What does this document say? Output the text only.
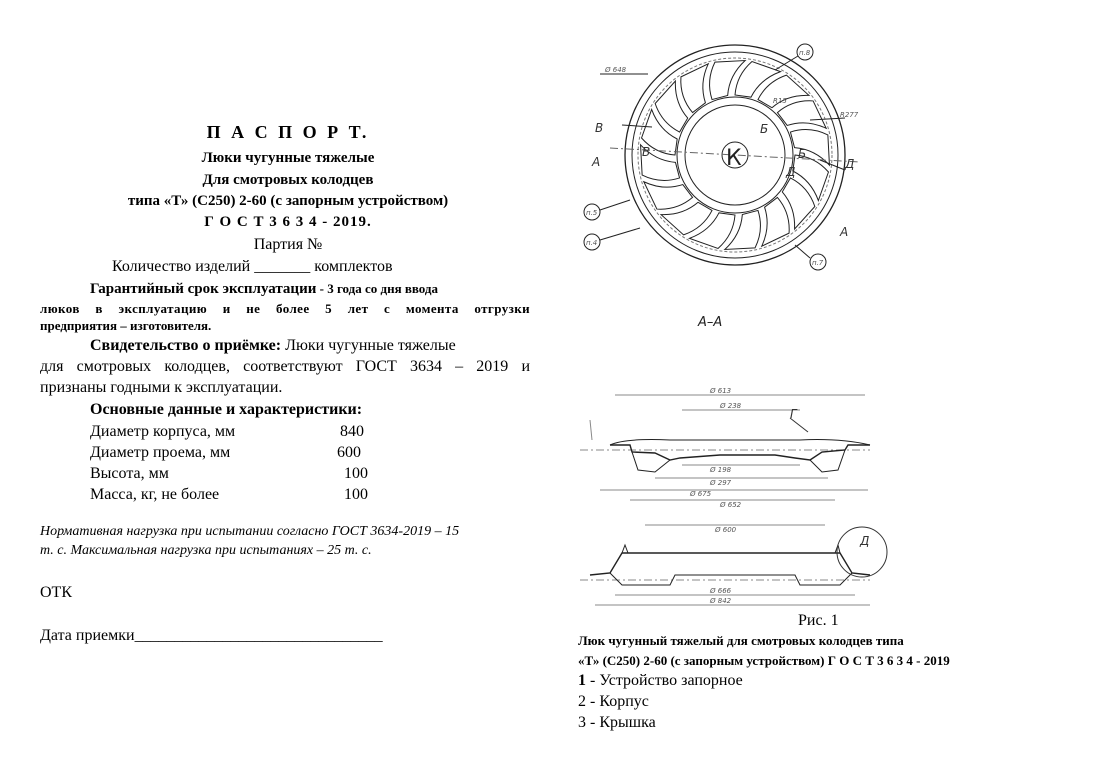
П А С П О Р Т.
Люки чугунные тяжелые
Для смотровых колодцев
типа «Т» (С250) 2-60 (с запорным устройством)
Г О С Т 3 6 3 4 - 2019.
Партия №
Количество изделий _______ комплектов
Гарантийный срок эксплуатации - 3 года со дня ввода
люков в эксплуатацию и не более 5 лет с момента отгрузки
предприятия – изготовителя.
Свидетельство о приёмке: Люки чугунные тяжелые
для смотровых колодцев, соответствуют ГОСТ 3634 – 2019 и
признаны годными к эксплуатации.
Основные данные и характеристики:
Диаметр корпуса, мм	840
Диаметр проема, мм	600
Высота, мм	100
Масса, кг, не более	100
Нормативная нагрузка при испытании согласно ГОСТ 3634-2019 – 15
т. с. Максимальная нагрузка при испытаниях – 25 т. с.
ОТК
Дата приемки_______________________________
В
А
В
Б
Б
Д
Д
А
Г
Д
А–А
К
Ø 648
п.8
п.5
п.4
п.7
R15
R277
Ø 613
Ø 238
Ø 198
Ø 297
Ø 675
Ø 652
Ø 600
Ø 666
Ø 842
Рис. 1
Люк чугунный тяжелый для смотровых колодцев типа
«Т» (С250) 2-60 (с запорным устройством) Г О С Т 3 6 3 4 - 2019
1 - Устройство запорное
2 - Корпус
3 - Крышка
